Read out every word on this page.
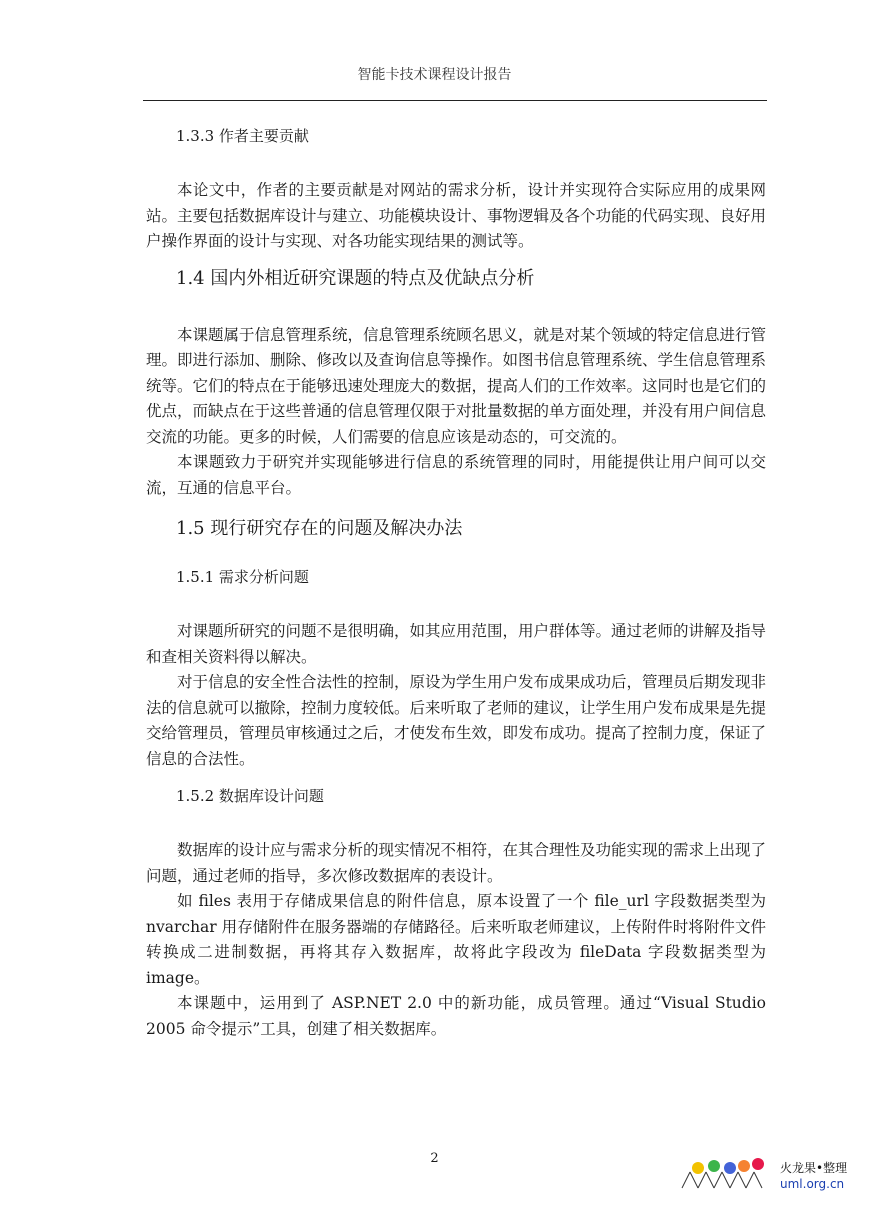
智能卡技术课程设计报告
1.3.3 作者主要贡献

本论文中，作者的主要贡献是对网站的需求分析，设计并实现符合实际应用的成果网站。主要包括数据库设计与建立、功能模块设计、事物逻辑及各个功能的代码实现、良好用户操作界面的设计与实现、对各功能实现结果的测试等。

1.4 国内外相近研究课题的特点及优缺点分析

本课题属于信息管理系统，信息管理系统顾名思义，就是对某个领域的特定信息进行管理。即进行添加、删除、修改以及查询信息等操作。如图书信息管理系统、学生信息管理系统等。它们的特点在于能够迅速处理庞大的数据，提高人们的工作效率。这同时也是它们的优点，而缺点在于这些普通的信息管理仅限于对批量数据的单方面处理，并没有用户间信息交流的功能。更多的时候，人们需要的信息应该是动态的，可交流的。

本课题致力于研究并实现能够进行信息的系统管理的同时，用能提供让用户间可以交流，互通的信息平台。

1.5 现行研究存在的问题及解决办法
1.5.1 需求分析问题

对课题所研究的问题不是很明确，如其应用范围，用户群体等。通过老师的讲解及指导和查相关资料得以解决。

对于信息的安全性合法性的控制，原设为学生用户发布成果成功后，管理员后期发现非法的信息就可以撤除，控制力度较低。后来听取了老师的建议，让学生用户发布成果是先提交给管理员，管理员审核通过之后，才使发布生效，即发布成功。提高了控制力度，保证了信息的合法性。

1.5.2 数据库设计问题

数据库的设计应与需求分析的现实情况不相符，在其合理性及功能实现的需求上出现了问题，通过老师的指导，多次修改数据库的表设计。

如 files 表用于存储成果信息的附件信息，原本设置了一个 file_url 字段数据类型为 nvarchar 用存储附件在服务器端的存储路径。后来听取老师建议，上传附件时将附件文件转换成二进制数据，再将其存入数据库，故将此字段改为 fileData 字段数据类型为 image。

本课题中，运用到了 ASP.NET 2.0 中的新功能，成员管理。通过“Visual Studio 2005 命令提示”工具，创建了相关数据库。

2
火龙果•整理
uml.org.cn
